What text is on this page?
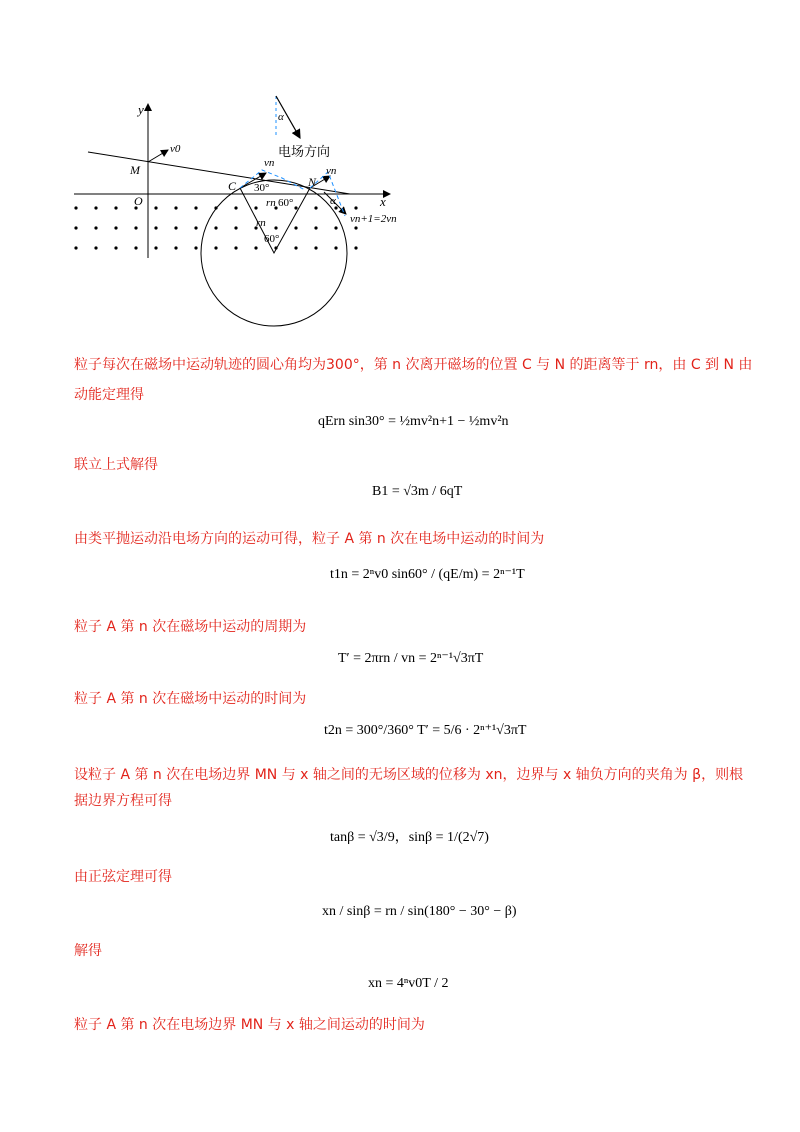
y
x
O
M
C	N
v0
vn
vn
vn+1=2vn
rn
rn
30°
60°
60°
α
α
电场方向
粒子每次在磁场中运动轨迹的圆心角均为300°，第 n 次离开磁场的位置 C 与 N 的距离等于 rn，由 C 到 N 由
动能定理得
qErn sin30° = ½mv²n+1 − ½mv²n
联立上式解得
B1 = √3m / 6qT
由类平抛运动沿电场方向的运动可得，粒子 A 第 n 次在电场中运动的时间为
t1n = 2ⁿv0 sin60° / (qE/m) = 2ⁿ⁻¹T
粒子 A 第 n 次在磁场中运动的周期为
T′ = 2πrn / vn = 2ⁿ⁻¹√3πT
粒子 A 第 n 次在磁场中运动的时间为
t2n = 300°/360° T′ = 5/6 · 2ⁿ⁺¹√3πT
设粒子 A 第 n 次在电场边界 MN 与 x 轴之间的无场区域的位移为 xn，边界与 x 轴负方向的夹角为 β，则根
据边界方程可得
tanβ = √3/9，sinβ = 1/(2√7)
由正弦定理可得
xn / sinβ = rn / sin(180° − 30° − β)
解得
xn = 4ⁿv0T / 2
粒子 A 第 n 次在电场边界 MN 与 x 轴之间运动的时间为
